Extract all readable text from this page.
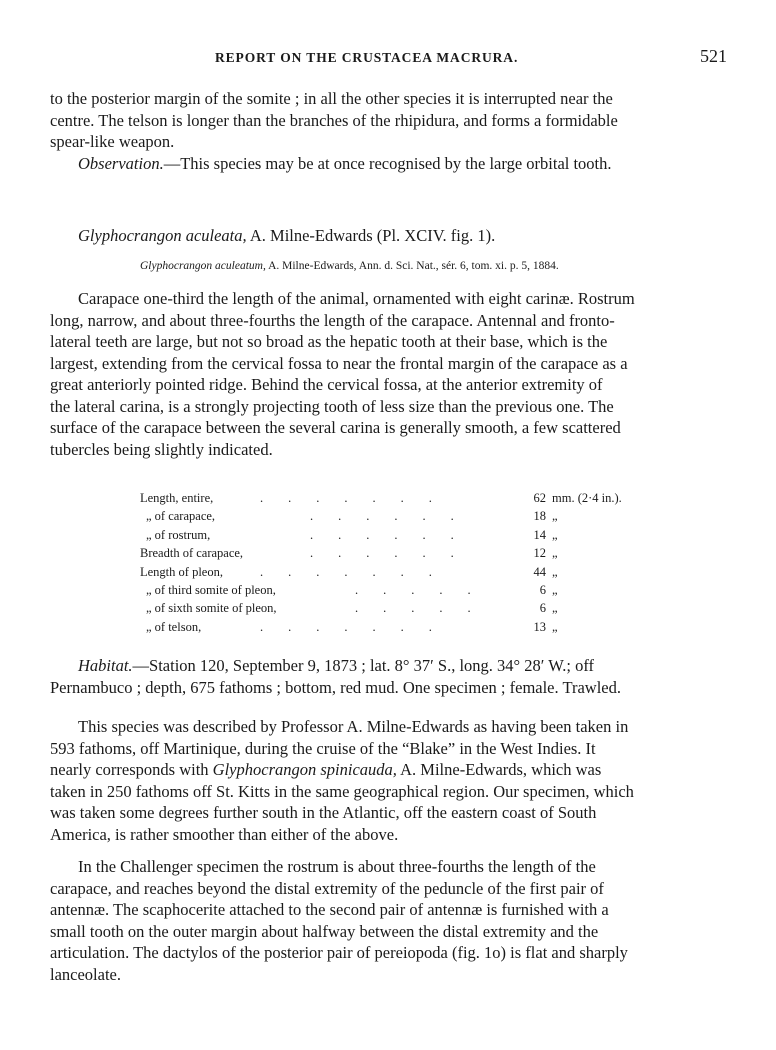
REPORT ON THE CRUSTACEA MACRURA.	521

to the posterior margin of the somite ; in all the other species it is interrupted near the

centre. The telson is longer than the branches of the rhipidura, and forms a formidable

spear-like weapon.

Observation.—This species may be at once recognised by the large orbital tooth.

Glyphocrangon aculeata, A. Milne-Edwards (Pl. XCIV. fig. 1).
Glyphocrangon aculeatum, A. Milne-Edwards, Ann. d. Sci. Nat., sér. 6, tom. xi. p. 5, 1884.

Carapace one-third the length of the animal, ornamented with eight carinæ. Rostrum

long, narrow, and about three-fourths the length of the carapace. Antennal and fronto-

lateral teeth are large, but not so broad as the hepatic tooth at their base, which is the

largest, extending from the cervical fossa to near the frontal margin of the carapace as a

great anteriorly pointed ridge. Behind the cervical fossa, at the anterior extremity of

the lateral carina, is a strongly projecting tooth of less size than the previous one. The

surface of the carapace between the several carina is generally smooth, a few scattered

tubercles being slightly indicated.

Length, entire,	.        .        .        .        .        .        .	62 mm. (2·4 in.).
„ of carapace,	.        .        .        .        .        .	18 „
„ of rostrum,	.        .        .        .        .        .	14 „
Breadth of carapace,	.        .        .        .        .        .	12 „
Length of pleon,	.        .        .        .        .        .        .	44 „
„ of third somite of pleon,	.        .        .        .        .	6 „
„ of sixth somite of pleon,	.        .        .        .        .	6 „
„ of telson,	.        .        .        .        .        .        .	13 „

Habitat.—Station 120, September 9, 1873 ; lat. 8° 37′ S., long. 34° 28′ W.; off

Pernambuco ; depth, 675 fathoms ; bottom, red mud. One specimen ; female. Trawled.

This species was described by Professor A. Milne-Edwards as having been taken in

593 fathoms, off Martinique, during the cruise of the “Blake” in the West Indies. It

nearly corresponds with Glyphocrangon spinicauda, A. Milne-Edwards, which was

taken in 250 fathoms off St. Kitts in the same geographical region. Our specimen, which

was taken some degrees further south in the Atlantic, off the eastern coast of South

America, is rather smoother than either of the above.

In the Challenger specimen the rostrum is about three-fourths the length of the

carapace, and reaches beyond the distal extremity of the peduncle of the first pair of

antennæ. The scaphocerite attached to the second pair of antennæ is furnished with a

small tooth on the outer margin about halfway between the distal extremity and the

articulation. The dactylos of the posterior pair of pereiopoda (fig. 1o) is flat and sharply

lanceolate.
